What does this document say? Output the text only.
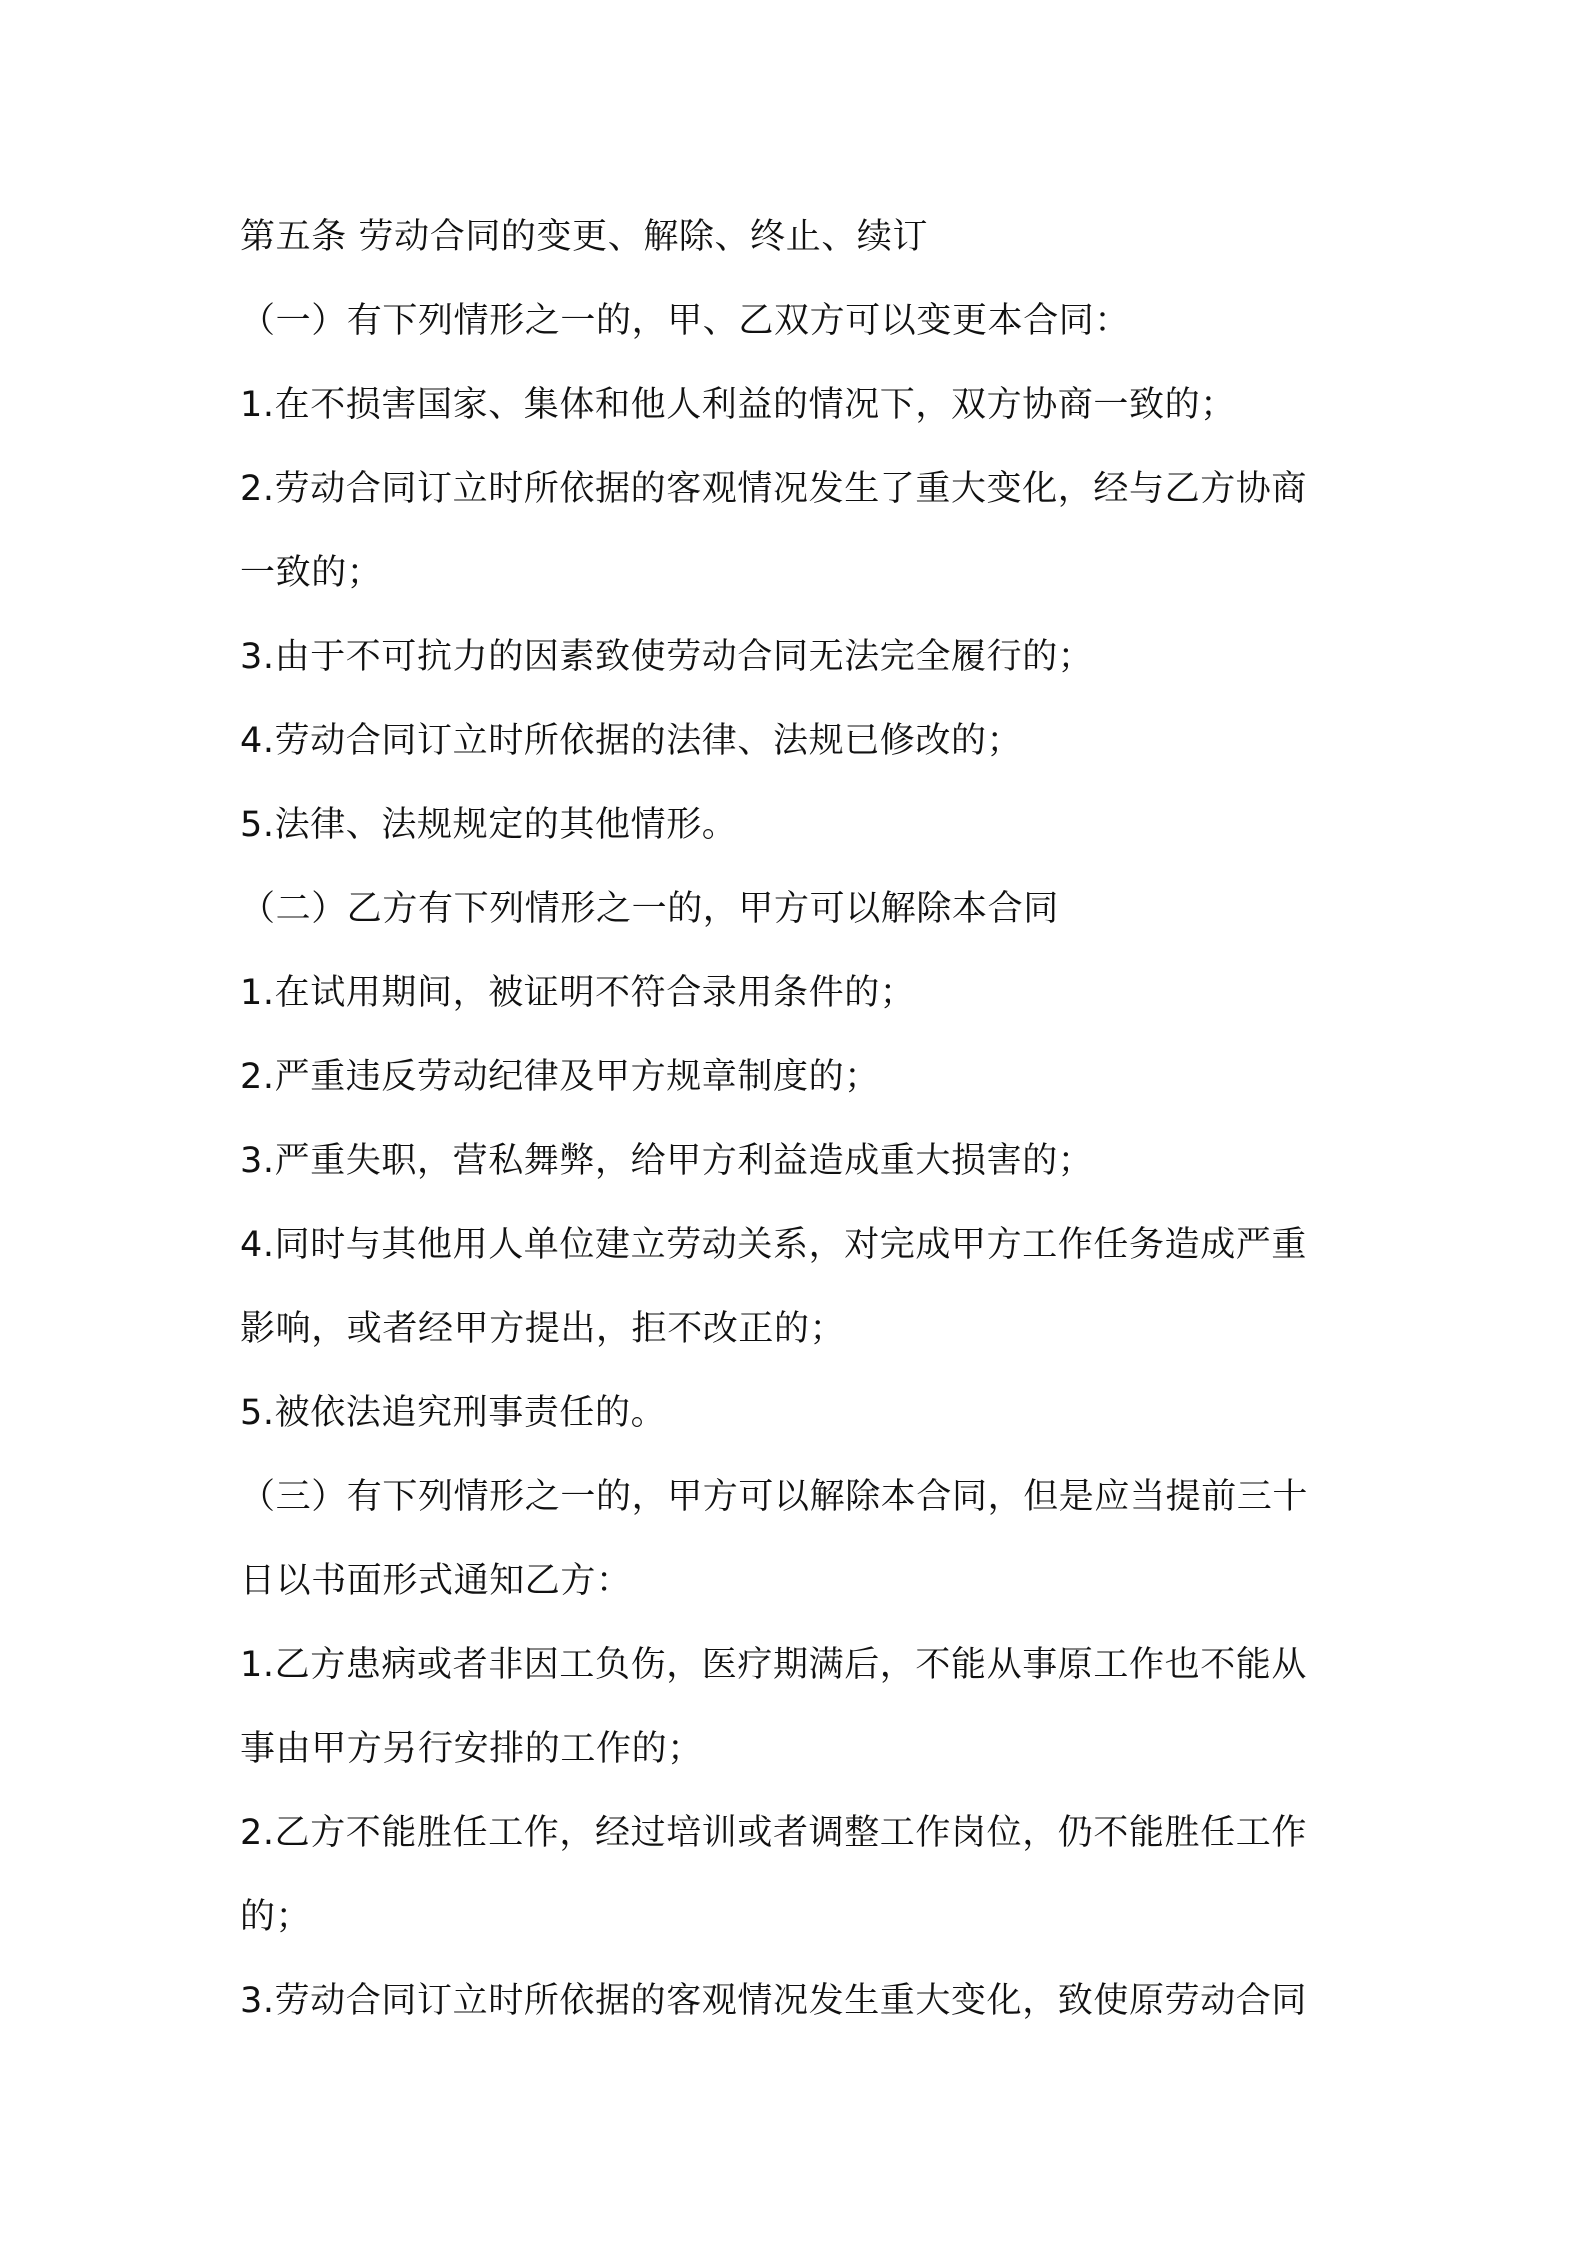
第五条 劳动合同的变更、解除、终止、续订
（一）有下列情形之一的，甲、乙双方可以变更本合同：
1.在不损害国家、集体和他人利益的情况下，双方协商一致的；
2.劳动合同订立时所依据的客观情况发生了重大变化，经与乙方协商
一致的；
3.由于不可抗力的因素致使劳动合同无法完全履行的；
4.劳动合同订立时所依据的法律、法规已修改的；
5.法律、法规规定的其他情形。
（二）乙方有下列情形之一的，甲方可以解除本合同
1.在试用期间，被证明不符合录用条件的；
2.严重违反劳动纪律及甲方规章制度的；
3.严重失职，营私舞弊，给甲方利益造成重大损害的；
4.同时与其他用人单位建立劳动关系，对完成甲方工作任务造成严重
影响，或者经甲方提出，拒不改正的；
5.被依法追究刑事责任的。
（三）有下列情形之一的，甲方可以解除本合同，但是应当提前三十
日以书面形式通知乙方：
1.乙方患病或者非因工负伤，医疗期满后，不能从事原工作也不能从
事由甲方另行安排的工作的；
2.乙方不能胜任工作，经过培训或者调整工作岗位，仍不能胜任工作
的；
3.劳动合同订立时所依据的客观情况发生重大变化，致使原劳动合同
